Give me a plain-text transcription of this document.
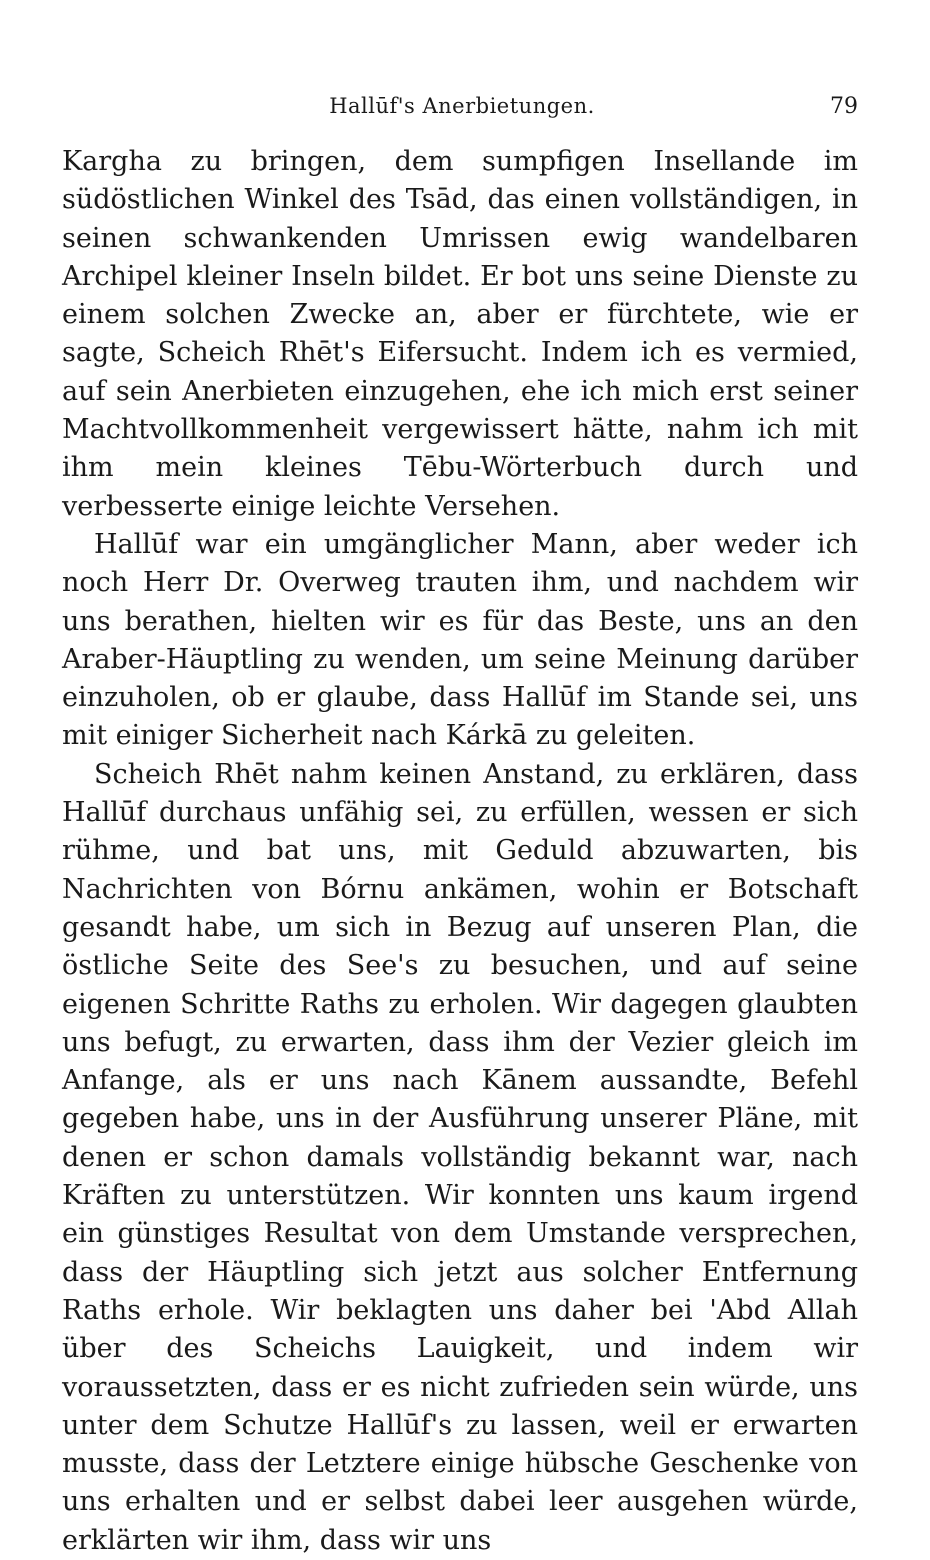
Hallūf's Anerbietungen.	79

Kargha zu bringen, dem sumpfigen Insellande im südöstlichen Winkel des Tsād, das einen vollständigen, in seinen schwankenden Umrissen ewig wandelbaren Archipel kleiner Inseln bildet. Er bot uns seine Dienste zu einem solchen Zwecke an, aber er fürchtete, wie er sagte, Scheich Rhēt's Eifersucht. Indem ich es vermied, auf sein Anerbieten einzugehen, ehe ich mich erst seiner Machtvollkommenheit vergewissert hätte, nahm ich mit ihm mein kleines Tēbu-Wörterbuch durch und verbesserte einige leichte Versehen.

Hallūf war ein umgänglicher Mann, aber weder ich noch Herr Dr. Overweg trauten ihm, und nachdem wir uns berathen, hielten wir es für das Beste, uns an den Araber-Häuptling zu wenden, um seine Meinung darüber einzuholen, ob er glaube, dass Hallūf im Stande sei, uns mit einiger Sicherheit nach Kárkā zu geleiten.

Scheich Rhēt nahm keinen Anstand, zu erklären, dass Hallūf durchaus unfähig sei, zu erfüllen, wessen er sich rühme, und bat uns, mit Geduld abzuwarten, bis Nachrichten von Bórnu ankämen, wohin er Botschaft gesandt habe, um sich in Bezug auf unseren Plan, die östliche Seite des See's zu besuchen, und auf seine eigenen Schritte Raths zu erholen. Wir dagegen glaubten uns befugt, zu erwarten, dass ihm der Vezier gleich im Anfange, als er uns nach Kānem aussandte, Befehl gegeben habe, uns in der Ausführung unserer Pläne, mit denen er schon damals vollständig bekannt war, nach Kräften zu unterstützen. Wir konnten uns kaum irgend ein günstiges Resultat von dem Umstande versprechen, dass der Häuptling sich jetzt aus solcher Entfernung Raths erhole. Wir beklagten uns daher bei 'Abd Allah über des Scheichs Lauigkeit, und indem wir voraussetzten, dass er es nicht zufrieden sein würde, uns unter dem Schutze Hallūf's zu lassen, weil er erwarten musste, dass der Letztere einige hübsche Geschenke von uns erhalten und er selbst dabei leer ausgehen würde, erklärten wir ihm, dass wir uns
